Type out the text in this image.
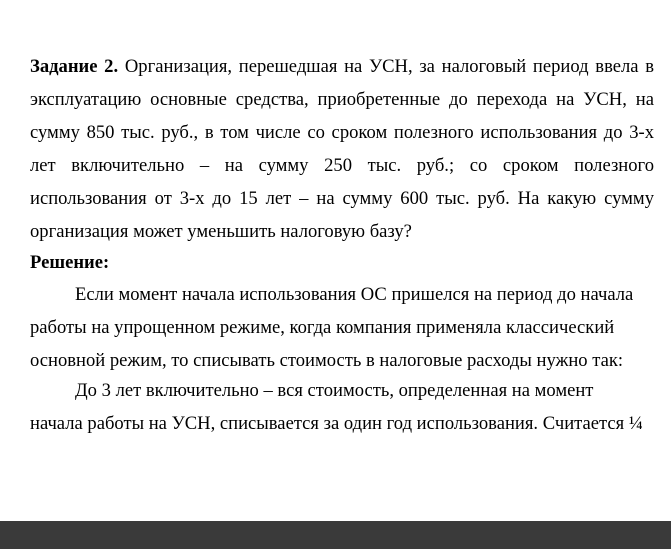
Задание 2. Организация, перешедшая на УСН, за налоговый период ввела в
эксплуатацию основные средства, приобретенные до перехода на УСН, на
сумму 850 тыс. руб., в том числе со сроком полезного использования до 3-х
лет включительно – на сумму 250 тыс. руб.; со сроком полезного
использования от 3-х до 15 лет – на сумму 600 тыс. руб. На какую сумму
организация может уменьшить налоговую базу?
Решение:
Если момент начала использования ОС пришелся на период до начала
работы на упрощенном режиме, когда компания применяла классический
основной режим, то списывать стоимость в налоговые расходы нужно так:
До 3 лет включительно – вся стоимость, определенная на момент
начала работы на УСН, списывается за один год использования. Считается ¼
